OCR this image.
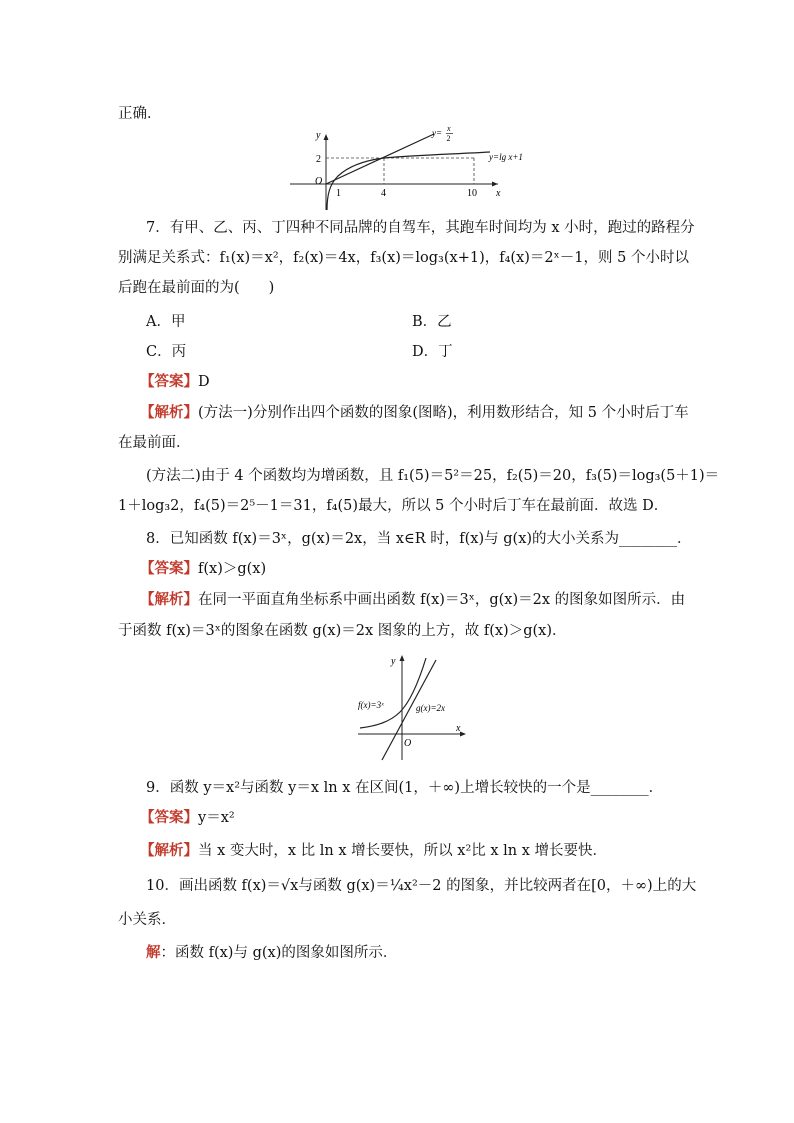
正确．
y
x
O
1	4	10
2
y= x
2
y=lg x+1
7．有甲、乙、丙、丁四种不同品牌的自驾车，其跑车时间均为 x 小时，跑过的路程分
别满足关系式：f₁(x)＝x²，f₂(x)＝4x，f₃(x)＝log₃(x+1)，f₄(x)＝2ˣ－1，则 5 个小时以
后跑在最前面的为(　　)
A．甲	B．乙
C．丙	D．丁
【答案】D
【解析】(方法一)分别作出四个函数的图象(图略)，利用数形结合，知 5 个小时后丁车
在最前面．
(方法二)由于 4 个函数均为增函数，且 f₁(5)＝5²＝25，f₂(5)＝20，f₃(5)＝log₃(5＋1)＝
1＋log₃2，f₄(5)＝2⁵－1＝31，f₄(5)最大，所以 5 个小时后丁车在最前面．故选 D．
8．已知函数 f(x)＝3ˣ，g(x)＝2x，当 x∈R 时，f(x)与 g(x)的大小关系为________．
【答案】f(x)＞g(x)
【解析】在同一平面直角坐标系中画出函数 f(x)＝3ˣ，g(x)＝2x 的图象如图所示．由
于函数 f(x)＝3ˣ的图象在函数 g(x)＝2x 图象的上方，故 f(x)＞g(x)．
y
x
O
f(x)=3ˣ	g(x)=2x
9．函数 y＝x²与函数 y＝x ln x 在区间(1，＋∞)上增长较快的一个是________．
【答案】y＝x²
【解析】当 x 变大时，x 比 ln x 增长要快，所以 x²比 x ln x 增长要快．
10．画出函数 f(x)＝√x与函数 g(x)＝¼x²－2 的图象，并比较两者在[0，＋∞)上的大
小关系．
解：函数 f(x)与 g(x)的图象如图所示．
